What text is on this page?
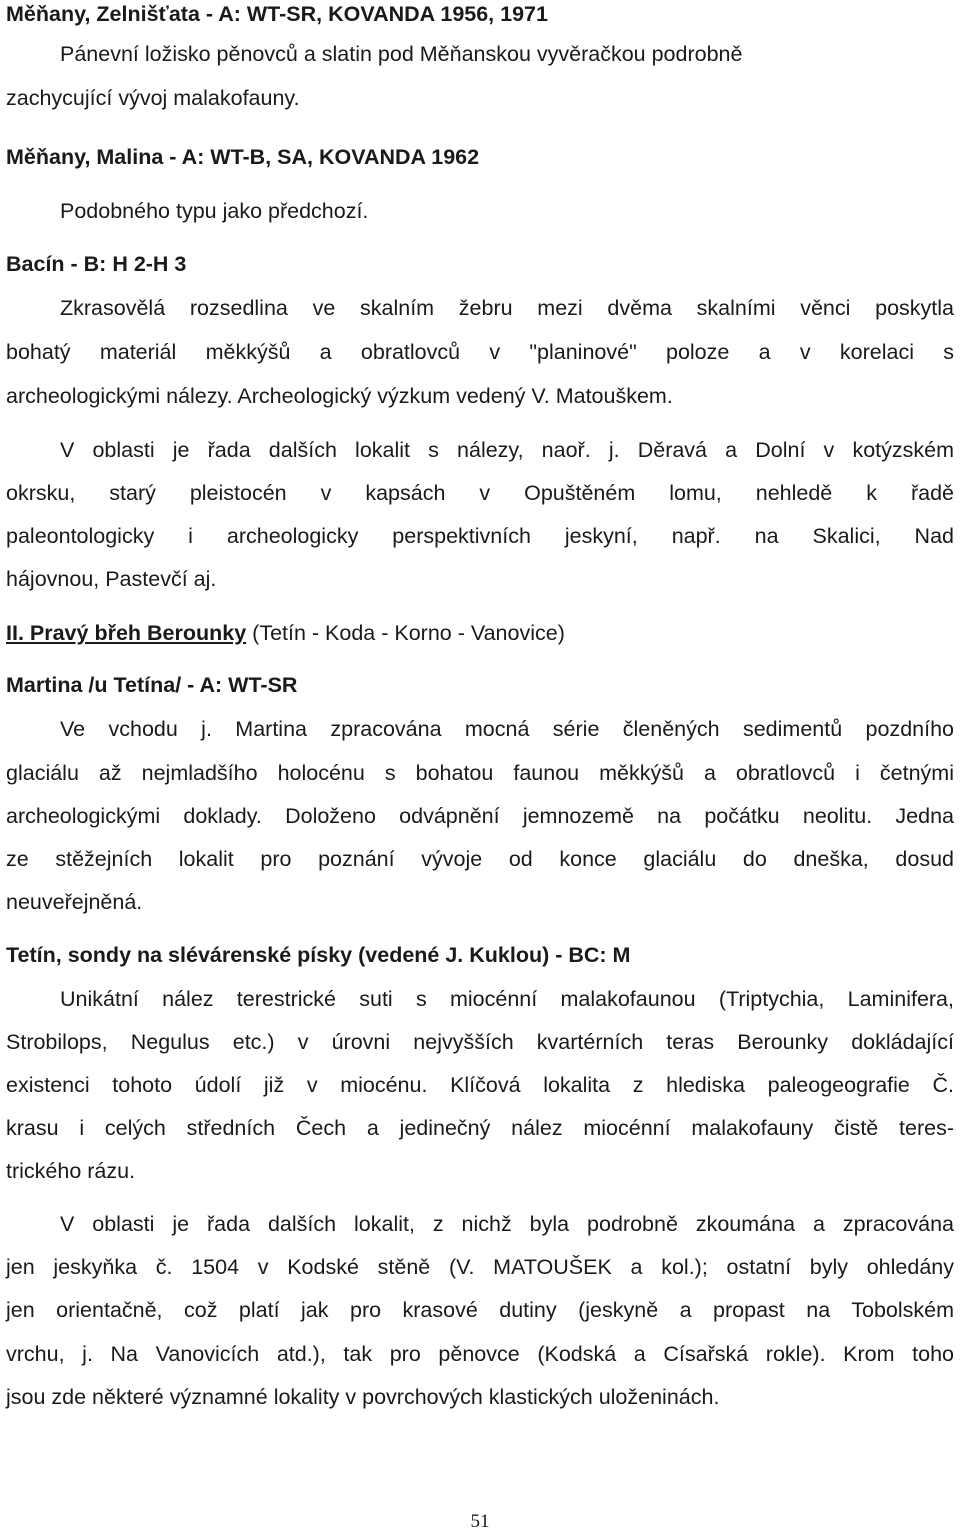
Měňany, Zelnišťata - A: WT-SR, KOVANDA 1956, 1971
Pánevní ložisko pěnovců a slatin pod Měňanskou vyvěračkou podrobně
zachycující vývoj malakofauny.
Měňany, Malina - A: WT-B, SA, KOVANDA 1962
Podobného typu jako předchozí.
Bacín - B: H 2-H 3
Zkrasovělá rozsedlina ve skalním žebru mezi dvěma skalními věnci poskytla
bohatý materiál měkkýšů a obratlovců v "planinové" poloze a v korelaci s
archeologickými nálezy. Archeologický výzkum vedený V. Matouškem.
V oblasti je řada dalších lokalit s nálezy, naoř. j. Děravá a Dolní v kotýzském
okrsku, starý pleistocén v kapsách v Opuštěném lomu, nehledě k řadě
paleontologicky i archeologicky perspektivních jeskyní, např. na Skalici, Nad
hájovnou, Pastevčí aj.
II. Pravý břeh Berounky (Tetín - Koda - Korno - Vanovice)
Martina /u Tetína/ - A: WT-SR
Ve vchodu j. Martina zpracována mocná série členěných sedimentů pozdního
glaciálu až nejmladšího holocénu s bohatou faunou měkkýšů a obratlovců i četnými
archeologickými doklady. Doloženo odvápnění jemnozemě na počátku neolitu. Jedna
ze stěžejních lokalit pro poznání vývoje od konce glaciálu do dneška, dosud
neuveřejněná.
Tetín, sondy na slévárenské písky (vedené J. Kuklou) - BC: M
Unikátní nález terestrické suti s miocénní malakofaunou (Triptychia, Laminifera,
Strobilops, Negulus etc.) v úrovni nejvyšších kvartérních teras Berounky dokládající
existenci tohoto údolí již v miocénu. Klíčová lokalita z hlediska paleogeografie Č.
krasu i celých středních Čech a jedinečný nález miocénní malakofauny čistě teres-
trického rázu.
V oblasti je řada dalších lokalit, z nichž byla podrobně zkoumána a zpracována
jen jeskyňka č. 1504 v Kodské stěně (V. MATOUŠEK a kol.); ostatní byly ohledány
jen orientačně, což platí jak pro krasové dutiny (jeskyně a propast na Tobolském
vrchu, j. Na Vanovicích atd.), tak pro pěnovce (Kodská a Císařská rokle). Krom toho
jsou zde některé významné lokality v povrchových klastických uloženinách.
51
